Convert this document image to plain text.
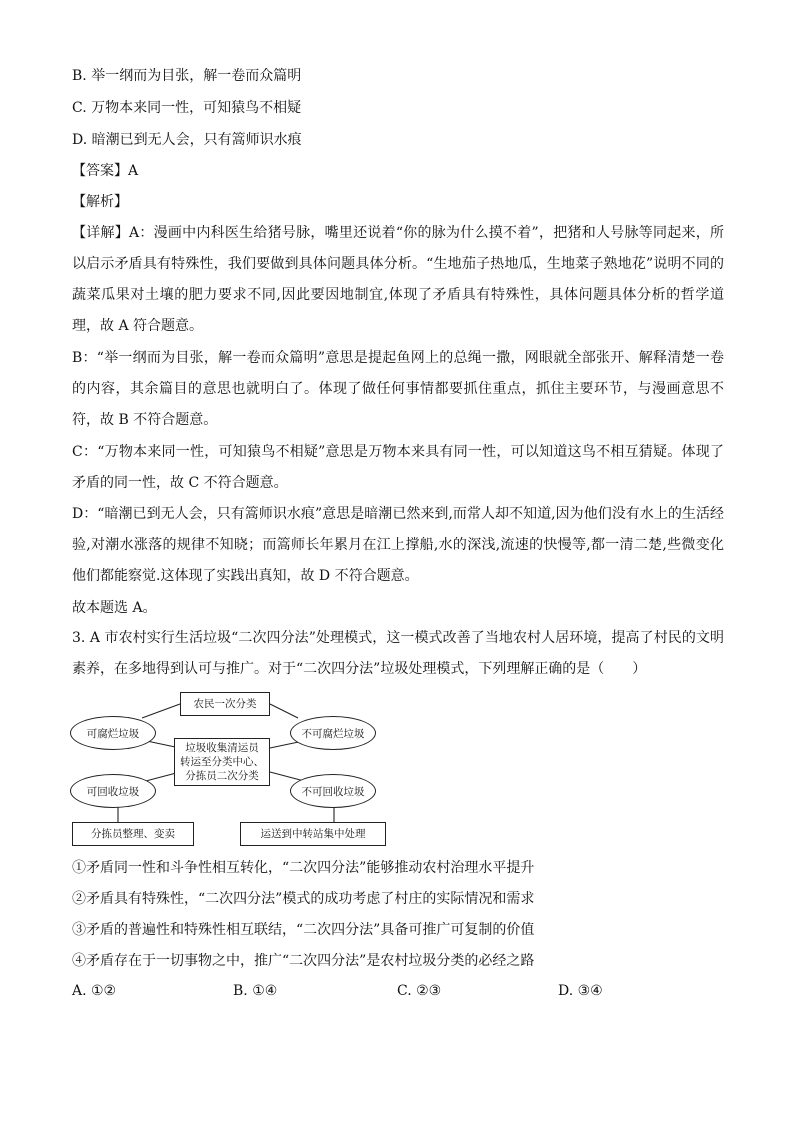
B. 举一纲而为目张，解一卷而众篇明
C. 万物本来同一性，可知猿鸟不相疑
D. 暗潮已到无人会，只有篙师识水痕
【答案】A
【解析】
【详解】A：漫画中内科医生给猪号脉，嘴里还说着“你的脉为什么摸不着”，把猪和人号脉等同起来，所以启示矛盾具有特殊性，我们要做到具体问题具体分析。“生地茄子热地瓜，生地菜子熟地花”说明不同的蔬菜瓜果对土壤的肥力要求不同,因此要因地制宜,体现了矛盾具有特殊性，具体问题具体分析的哲学道理，故 A 符合题意。
B：“举一纲而为目张，解一卷而众篇明”意思是提起鱼网上的总绳一撒，网眼就全部张开、解释清楚一卷的内容，其余篇目的意思也就明白了。体现了做任何事情都要抓住重点，抓住主要环节，与漫画意思不符，故 B 不符合题意。
C：“万物本来同一性，可知猿鸟不相疑”意思是万物本来具有同一性，可以知道这鸟不相互猜疑。体现了矛盾的同一性，故 C 不符合题意。
D：“暗潮已到无人会，只有篙师识水痕”意思是暗潮已然来到,而常人却不知道,因为他们没有水上的生活经验,对潮水涨落的规律不知晓；而篙师长年累月在江上撑船,水的深浅,流速的快慢等,都一清二楚,些微变化他们都能察觉.这体现了实践出真知，故 D 不符合题意。
故本题选 A。
3. A 市农村实行生活垃圾“二次四分法”处理模式，这一模式改善了当地农村人居环境，提高了村民的文明素养，在多地得到认可与推广。对于“二次四分法”垃圾处理模式，下列理解正确的是（　　）
农民一次分类
可腐烂垃圾	不可腐烂垃圾
垃圾收集清运员
转运至分类中心、
分拣员二次分类
可回收垃圾	不可回收垃圾
分拣员整理、变卖	运送到中转站集中处理
①矛盾同一性和斗争性相互转化，“二次四分法”能够推动农村治理水平提升
②矛盾具有特殊性，“二次四分法”模式的成功考虑了村庄的实际情况和需求
③矛盾的普遍性和特殊性相互联结，“二次四分法”具备可推广可复制的价值
④矛盾存在于一切事物之中，推广“二次四分法”是农村垃圾分类的必经之路
A. ①②	B. ①④	C. ②③	D. ③④
